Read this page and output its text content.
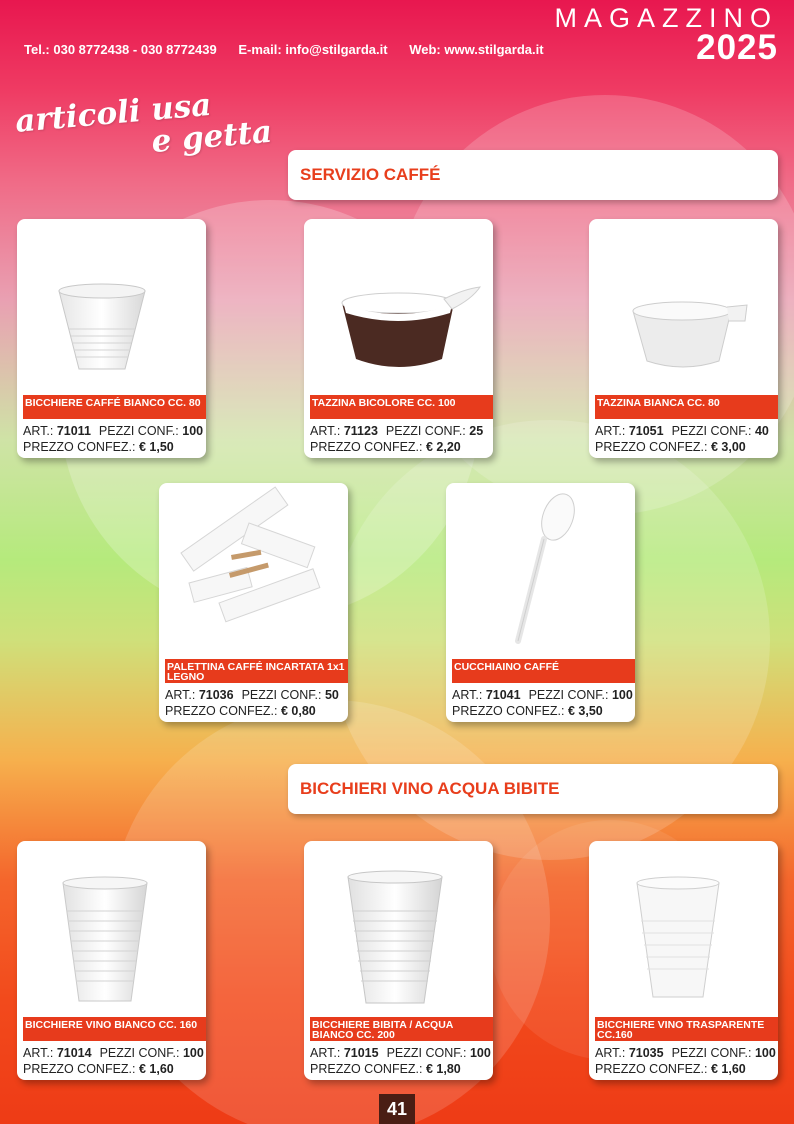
MAGAZZINO
2025
Tel.: 030 8772438 - 030 8772439 E-mail: info@stilgarda.it Web: www.stilgarda.it
articoli usa
e getta
SERVIZIO CAFFÉ
BICCHIERI VINO ACQUA BIBITE
BICCHIERE CAFFÉ BIANCO CC. 80
ART.: 71011 PEZZI CONF.: 100
PREZZO CONFEZ.: € 1,50
TAZZINA BICOLORE CC. 100
ART.: 71123 PEZZI CONF.: 25
PREZZO CONFEZ.: € 2,20
TAZZINA BIANCA CC. 80
ART.: 71051 PEZZI CONF.: 40
PREZZO CONFEZ.: € 3,00
PALETTINA CAFFÉ INCARTATA 1x1 LEGNO
ART.: 71036 PEZZI CONF.: 50
PREZZO CONFEZ.: € 0,80
CUCCHIAINO CAFFÉ
ART.: 71041 PEZZI CONF.: 100
PREZZO CONFEZ.: € 3,50
BICCHIERE VINO BIANCO CC. 160
ART.: 71014 PEZZI CONF.: 100
PREZZO CONFEZ.: € 1,60
BICCHIERE BIBITA / ACQUA BIANCO CC. 200
ART.: 71015 PEZZI CONF.: 100
PREZZO CONFEZ.: € 1,80
BICCHIERE VINO TRASPARENTE CC.160
ART.: 71035 PEZZI CONF.: 100
PREZZO CONFEZ.: € 1,60
41
